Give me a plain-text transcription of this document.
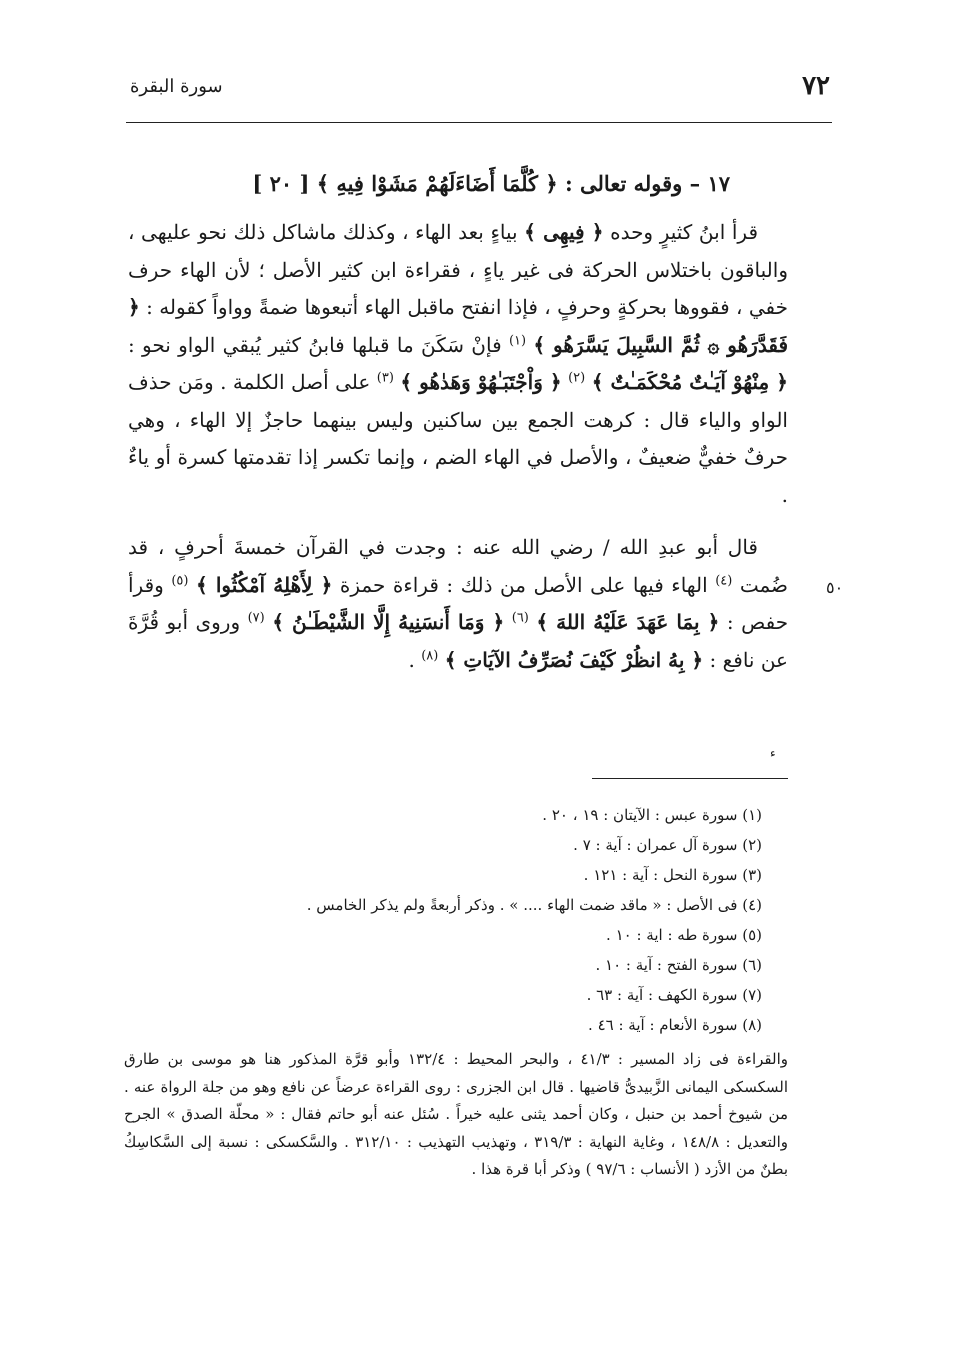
٧٢
سورة البقرة
١٧ – وقوله تعالى : ﴿ كُلَّمَا أَضَاءَلَهُمْ مَشَوْا فِيهِ ﴾ [ ٢٠ ]

قرأ ابنُ كثيرٍ وحده ﴿ فِيهِى ﴾ بياءٍ بعد الهاء ، وكذلك ماشاكل ذلك نحو عليهى ، والباقون باختلاس الحركة فى غير ياءٍ ، فقراءة ابن كثير الأصل ؛ لأن الهاء حرف خفي ، فقووها بحركةٍ وحرفٍ ، فإذا انفتح ماقبل الهاء أتبعوها ضمةً وواواً كقوله : ﴿ فَقَدَّرَهُو ۞ ثُمَّ السَّبِيلَ يَسَّرَهُو ﴾ $^{(١)}$ فإنْ سَكَنَ ما قبلها فابنُ كثير يُبقي الواو نحو : ﴿ مِنْهُوْ آيَـٰتٌ مُحْكَمَـٰتٌ ﴾ $^{(٢)}$ ﴿ وَاْجْتَبَـٰهُوْ وَهَدٰهُو ﴾ $^{(٣)}$ على أصل الكلمة . ومَن حذف الواو والياء قال : كرهت الجمع بين ساكنين وليس بينهما حاجزٌ إلا الهاء ، وهي حرفٌ خفيٌّ ضعيفٌ ، والأصل في الهاء الضم ، وإنما تكسر إذا تقدمتها كسرة أو ياءٌ .

قال أبو عبدِ الله / رضي الله عنه : وجدت في القرآن خمسةَ أحرفٍ ، قد ضُمت $^{(٤)}$ الهاء فيها على الأصل من ذلك : قراءة حمزة ﴿ لِأَهْلِهُ آمْكُثُوا ﴾ $^{(٥)}$ وقرأ حفص : ﴿ بِمَا عَهَدَ عَلَيْهُ اللهَ ﴾ $^{(٦)}$ ﴿ وَمَا أَنسَنِيهُ إِلَّا الشَّيْطَـٰنُ ﴾ $^{(٧)}$ وروى أبو قُرَّةَ عن نافع : ﴿ بِهُ انظُرْ كَيْفَ نُصَرِّفُ الآيَاتِ ﴾ $^{(٨)}$ .

٥٠
ء
(١) سورة عبس : الآيتان : ١٩ ، ٢٠ .
(٢) سورة آل عمران : آية : ٧ .
(٣) سورة النحل : آية : ١٢١ .
(٤) فى الأصل : « ماقد ضمت الهاء .... » . وذكر أربعةً ولم يذكر الخامس .
(٥) سورة طه : اية : ١٠ .
(٦) سورة الفتح : آية : ١٠ .
(٧) سورة الكهف : آية : ٦٣ .
(٨) سورة الأنعام : آية : ٤٦ .
والقراءة فى زاد المسير : ٤١/٣ ، والبحر المحيط : ١٣٢/٤ وأبو قرَّة المذكور هنا هو موسى بن طارق السكسكى اليمانى الزَّبيدىُّ قاضيها . قال ابن الجزرى : روى القراءة عرضاً عن نافع وهو من جلة الرواة عنه . من شيوخ أحمد بن حنبل ، وكان أحمد يثنى عليه خيراً . سُئل عنه أبو حاتم فقال : « محلّة الصدق » الجرح والتعديل : ١٤٨/٨ ، وغاية النهاية : ٣١٩/٣ ، وتهذيب التهذيب : ٣١٢/١٠ . والسَّكسكى : نسبة إلى السَّكاسِكُ بطنٌ من الأزد ( الأنساب : ٩٧/٦ ) وذكر أبا قرة هذا .
